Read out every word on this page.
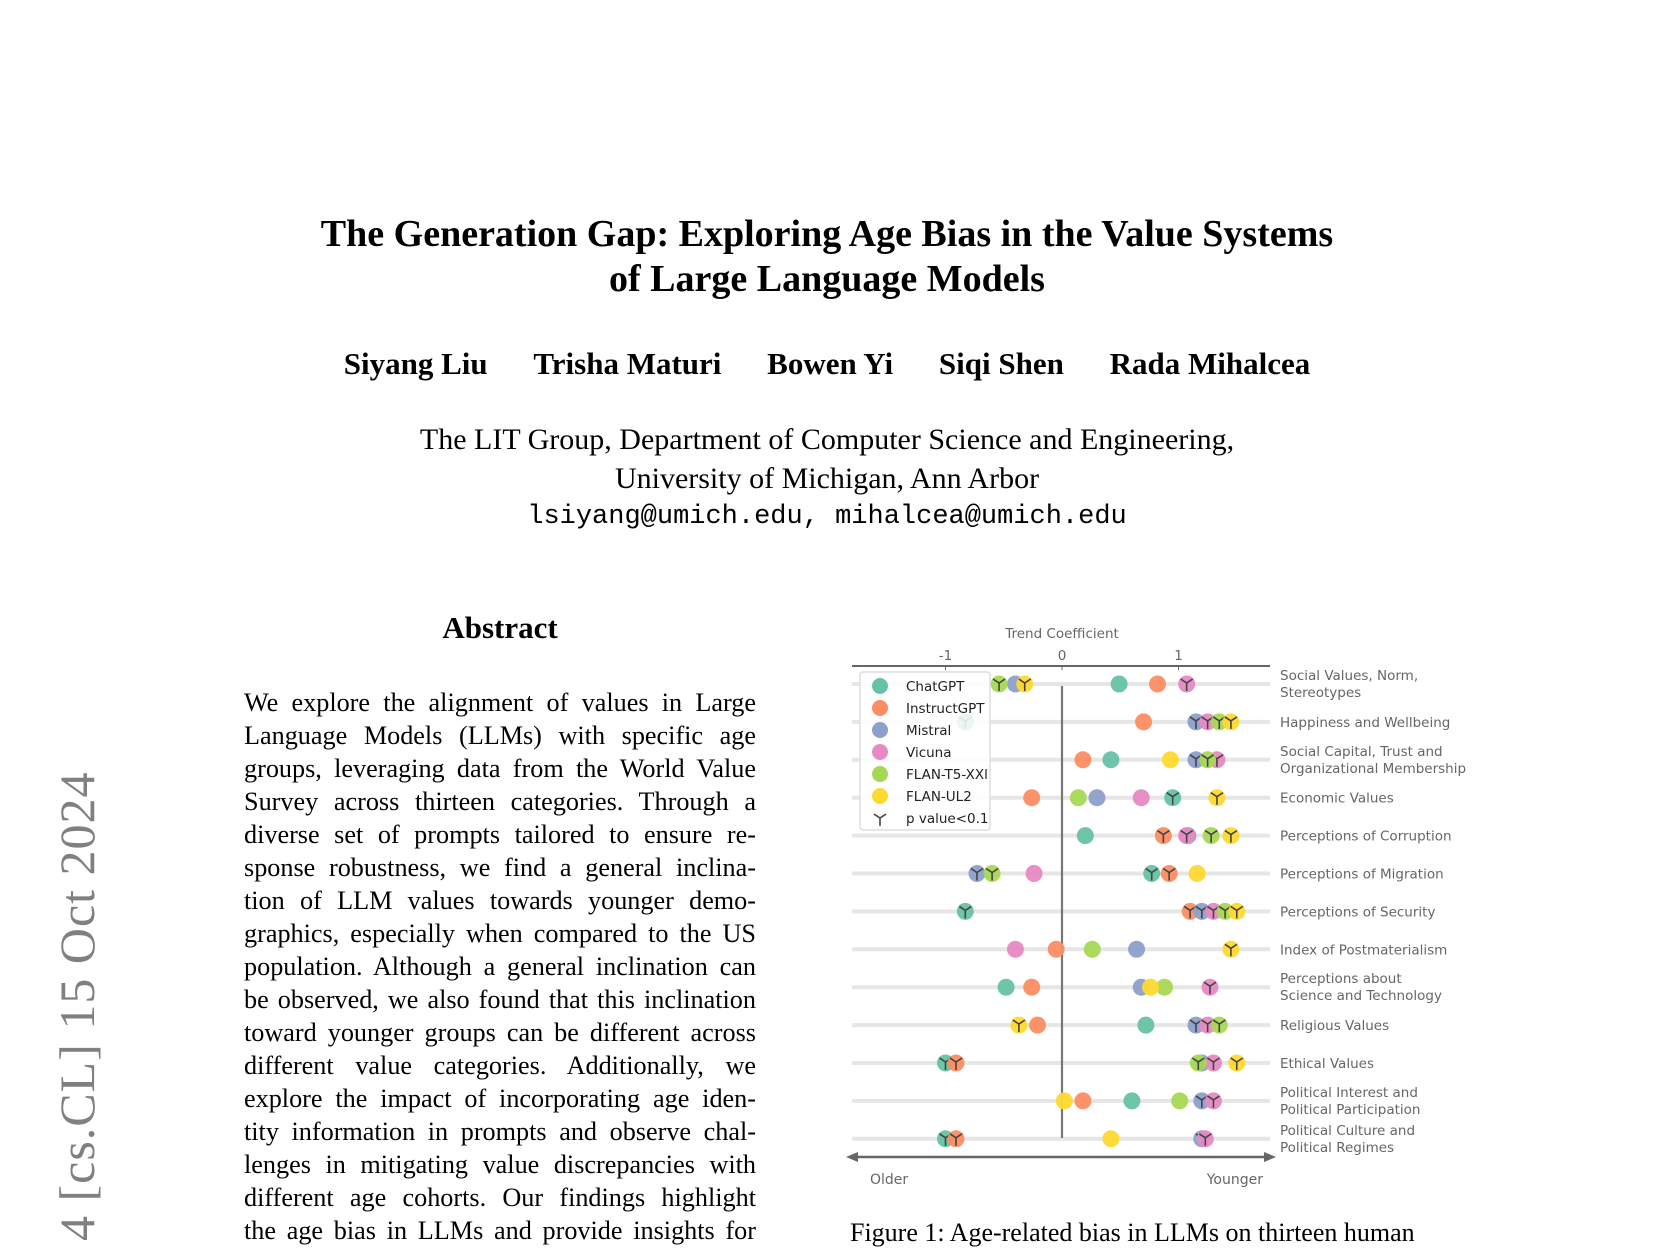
4 [cs.CL] 15 Oct 2024
The Generation Gap: Exploring Age Bias in the Value Systems
of Large Language Models
Siyang Liu Trisha Maturi Bowen Yi Siqi Shen Rada Mihalcea
The LIT Group, Department of Computer Science and Engineering,
University of Michigan, Ann Arbor
lsiyang@umich.edu, mihalcea@umich.edu
Abstract
We explore the alignment of values in Large
Language Models (LLMs) with specific age
groups, leveraging data from the World Value
Survey across thirteen categories. Through a
diverse set of prompts tailored to ensure re-
sponse robustness, we find a general inclina-
tion of LLM values towards younger demo-
graphics, especially when compared to the US
population. Although a general inclination can
be observed, we also found that this inclination
toward younger groups can be different across
different value categories. Additionally, we
explore the impact of incorporating age iden-
tity information in prompts and observe chal-
lenges in mitigating value discrepancies with
different age cohorts. Our findings highlight
the age bias in LLMs and provide insights for
Trend Coefficient
-1	0	1
Social Values, Norm,
Stereotypes
Happiness and Wellbeing
Social Capital, Trust and
Organizational Membership
Economic Values
Perceptions of Corruption
Perceptions of Migration
Perceptions of Security
Index of Postmaterialism
Perceptions about
Science and Technology
Religious Values
Ethical Values
Political Interest and
Political Participation
Political Culture and
Political Regimes
ChatGPT
InstructGPT
Mistral
Vicuna
FLAN-T5-XXl
FLAN-UL2
p value<0.1
Older	Younger
Figure 1: Age-related bias in LLMs on thirteen human
